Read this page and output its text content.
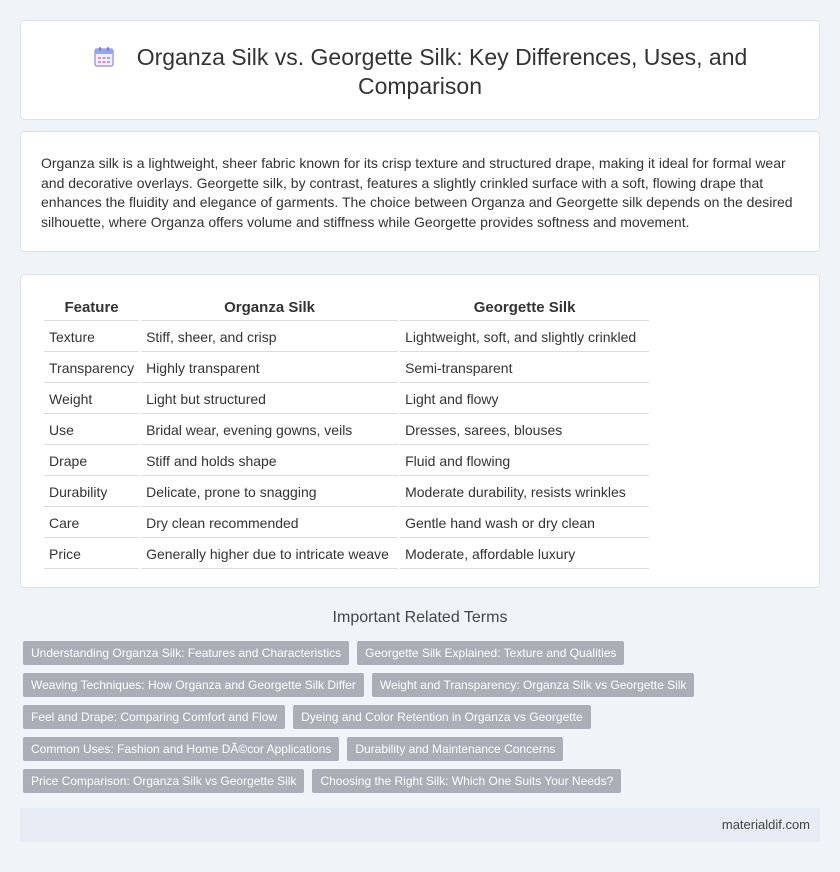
Organza Silk vs. Georgette Silk: Key Differences, Uses, and Comparison

Organza silk is a lightweight, sheer fabric known for its crisp texture and structured drape, making it ideal for formal wear and decorative overlays. Georgette silk, by contrast, features a slightly crinkled surface with a soft, flowing drape that enhances the fluidity and elegance of garments. The choice between Organza and Georgette silk depends on the desired silhouette, where Organza offers volume and stiffness while Georgette provides softness and movement.

Feature	Organza Silk	Georgette Silk
Texture	Stiff, sheer, and crisp	Lightweight, soft, and slightly crinkled
Transparency	Highly transparent	Semi-transparent
Weight	Light but structured	Light and flowy
Use	Bridal wear, evening gowns, veils	Dresses, sarees, blouses
Drape	Stiff and holds shape	Fluid and flowing
Durability	Delicate, prone to snagging	Moderate durability, resists wrinkles
Care	Dry clean recommended	Gentle hand wash or dry clean
Price	Generally higher due to intricate weave	Moderate, affordable luxury
Important Related Terms
Understanding Organza Silk: Features and Characteristics	Georgette Silk Explained: Texture and Qualities
Weaving Techniques: How Organza and Georgette Silk Differ	Weight and Transparency: Organza Silk vs Georgette Silk
Feel and Drape: Comparing Comfort and Flow	Dyeing and Color Retention in Organza vs Georgette
Common Uses: Fashion and Home DÃ©cor Applications	Durability and Maintenance Concerns
Price Comparison: Organza Silk vs Georgette Silk	Choosing the Right Silk: Which One Suits Your Needs?
materialdif.com
